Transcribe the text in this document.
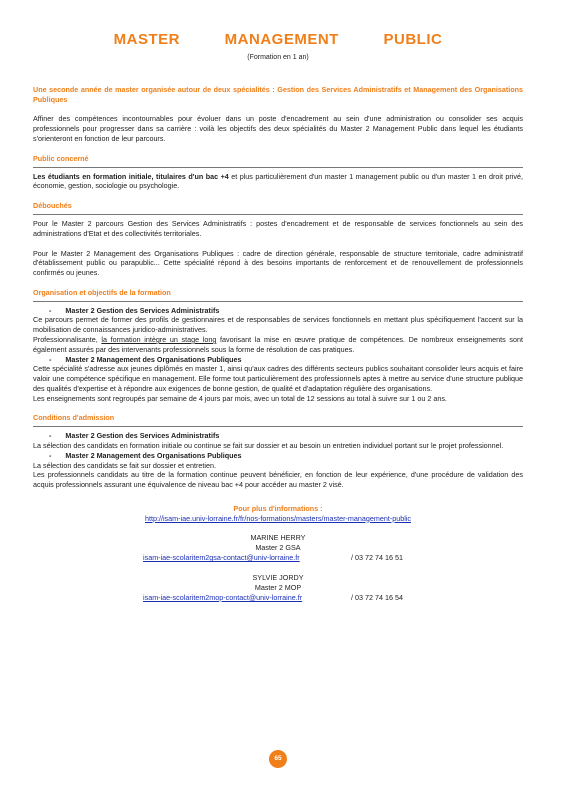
MASTER MANAGEMENT PUBLIC
(Formation en 1 an)

Une seconde année de master organisée autour de deux spécialités : Gestion des Services Administratifs et Management des Organisations Publiques

Affiner des compétences incontournables pour évoluer dans un poste d'encadrement au sein d'une administration ou consolider ses acquis professionnels pour progresser dans sa carrière : voilà les objectifs des deux spécialités du Master 2 Management Public dans lequel les étudiants s'orienteront en fonction de leur parcours.

Public concerné

Les étudiants en formation initiale, titulaires d'un bac +4 et plus particulièrement d'un master 1 management public ou d'un master 1 en droit privé, économie, gestion, sociologie ou psychologie.

Débouchés

Pour le Master 2 parcours Gestion des Services Administratifs : postes d'encadrement et de responsable de services fonctionnels au sein des administrations d'Etat et des collectivités territoriales.

Pour le Master 2 Management des Organisations Publiques : cadre de direction générale, responsable de structure territoriale, cadre administratif d'établissement public ou parapublic... Cette spécialité répond à des besoins importants de renforcement et de renouvellement de professionnels confirmés ou jeunes.

Organisation et objectifs de la formation
- Master 2 Gestion des Services Administratifs

Ce parcours permet de former des profils de gestionnaires et de responsables de services fonctionnels en mettant plus spécifiquement l'accent sur la mobilisation de connaissances juridico-administratives.

Professionnalisante, la formation intègre un stage long favorisant la mise en œuvre pratique de compétences. De nombreux enseignements sont également assurés par des intervenants professionnels sous la forme de résolution de cas pratiques.

- Master 2 Management des Organisations Publiques

Cette spécialité s'adresse aux jeunes diplômés en master 1, ainsi qu'aux cadres des différents secteurs publics souhaitant consolider leurs acquis et faire valoir une compétence spécifique en management. Elle forme tout particulièrement des professionnels aptes à mettre au service d'une structure publique des qualités d'expertise et à répondre aux exigences de bonne gestion, de qualité et d'adaptation régulière des organisations.

Les enseignements sont regroupés par semaine de 4 jours par mois, avec un total de 12 sessions au total à suivre sur 1 ou 2 ans.

Conditions d'admission
- Master 2 Gestion des Services Administratifs

La sélection des candidats en formation initiale ou continue se fait sur dossier et au besoin un entretien individuel portant sur le projet professionnel.

- Master 2 Management des Organisations Publiques

La sélection des candidats se fait sur dossier et entretien.

Les professionnels candidats au titre de la formation continue peuvent bénéficier, en fonction de leur expérience, d'une procédure de validation des acquis professionnels assurant une équivalence de niveau bac +4 pour accéder au master 2 visé.

Pour plus d'informations :
http://isam-iae.univ-lorraine.fr/fr/nos-formations/masters/master-management-public
MARINE HERRY
Master 2 GSA
isam-iae-scolaritem2gsa-contact@univ-lorraine.fr	/ 03 72 74 16 51
SYLVIE JORDY
Master 2 MOP
isam-iae-scolaritem2mop-contact@univ-lorraine.fr	/ 03 72 74 16 54
65
